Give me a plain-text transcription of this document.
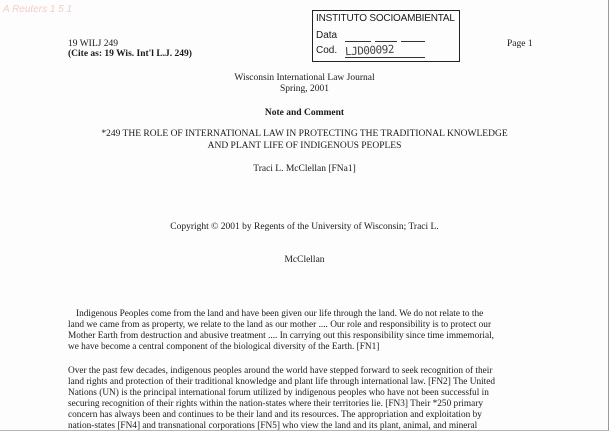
A Reuters 1 5 1
19 WILJ 249
(Cite as: 19 Wis. Int'l L.J. 249)
Page 1
INSTITUTO SOCIOAMBIENTAL
Data
Cod. LJD00092
Wisconsin International Law Journal
Spring, 2001
Note and Comment
*249 THE ROLE OF INTERNATIONAL LAW IN PROTECTING THE TRADITIONAL KNOWLEDGE
AND PLANT LIFE OF INDIGENOUS PEOPLES
Traci L. McClellan [FNa1]
Copyright © 2001 by Regents of the University of Wisconsin; Traci L.
McClellan
Indigenous Peoples come from the land and have been given our life through the land. We do not relate to the
land we came from as property, we relate to the land as our mother .... Our role and responsibility is to protect our
Mother Earth from destruction and abusive treatment .... In carrying out this responsibility since time immemorial,
we have become a central component of the biological diversity of the Earth. [FN1]
Over the past few decades, indigenous peoples around the world have stepped forward to seek recognition of their
land rights and protection of their traditional knowledge and plant life through international law. [FN2] The United
Nations (UN) is the principal international forum utilized by indigenous peoples who have not been successful in
securing recognition of their rights within the nation-states where their territories lie. [FN3] Their *250 primary
concern has always been and continues to be their land and its resources. The appropriation and exploitation by
nation-states [FN4] and transnational corporations [FN5] who view the land and its plant, animal, and mineral
